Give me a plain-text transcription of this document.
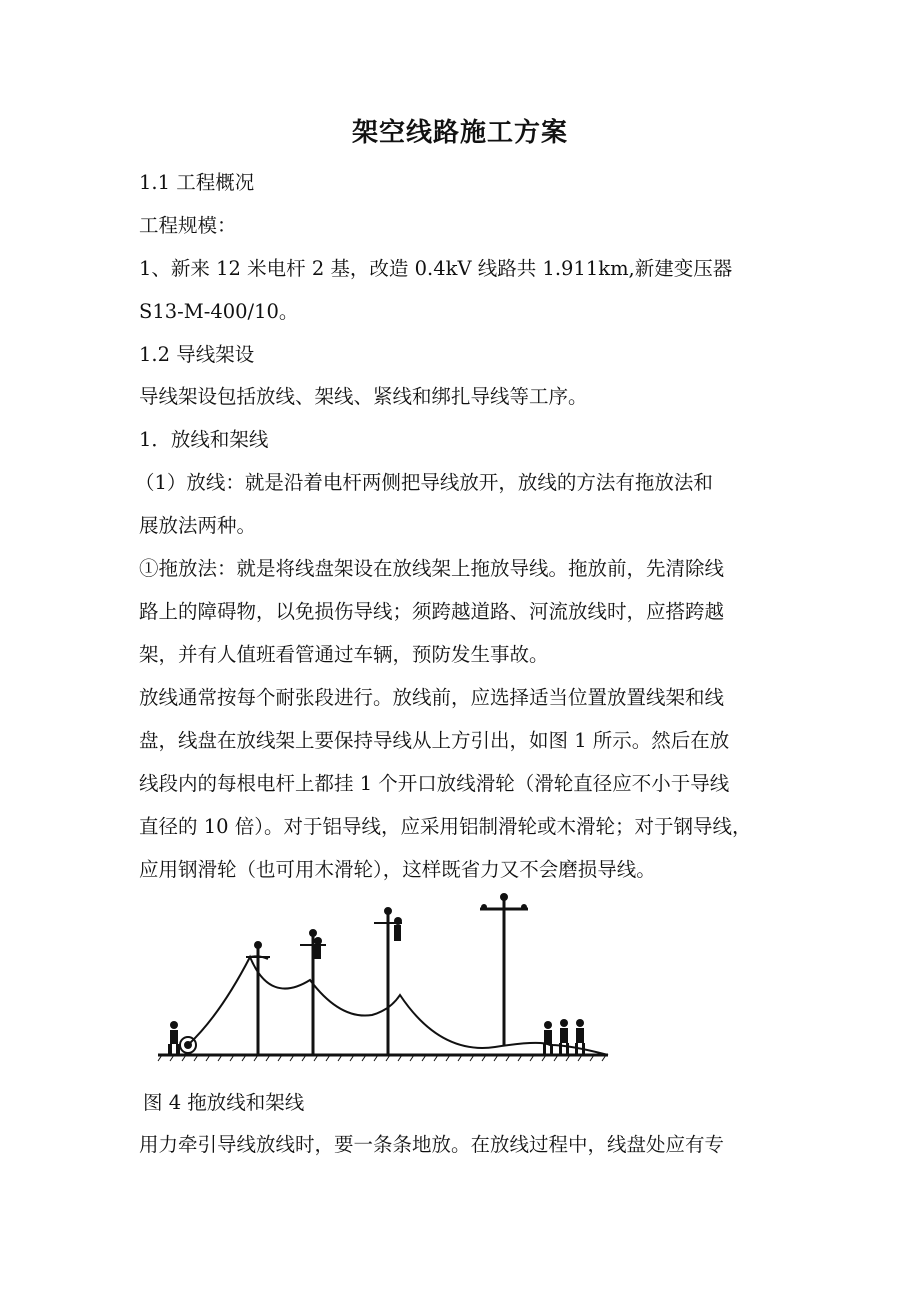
架空线路施工方案
1.1 工程概况
工程规模：
1、新来 12 米电杆 2 基，改造 0.4kV 线路共 1.911km,新建变压器
S13-M-400/10。
1.2 导线架设
导线架设包括放线、架线、紧线和绑扎导线等工序。
1．放线和架线
（1）放线：就是沿着电杆两侧把导线放开，放线的方法有拖放法和
展放法两种。
①拖放法：就是将线盘架设在放线架上拖放导线。拖放前，先清除线
路上的障碍物，以免损伤导线；须跨越道路、河流放线时，应搭跨越
架，并有人值班看管通过车辆，预防发生事故。
放线通常按每个耐张段进行。放线前，应选择适当位置放置线架和线
盘，线盘在放线架上要保持导线从上方引出，如图 1 所示。然后在放
线段内的每根电杆上都挂 1 个开口放线滑轮（滑轮直径应不小于导线
直径的 10 倍）。对于铝导线，应采用铝制滑轮或木滑轮；对于钢导线，
应用钢滑轮（也可用木滑轮），这样既省力又不会磨损导线。
图 4 拖放线和架线
用力牵引导线放线时，要一条条地放。在放线过程中，线盘处应有专
